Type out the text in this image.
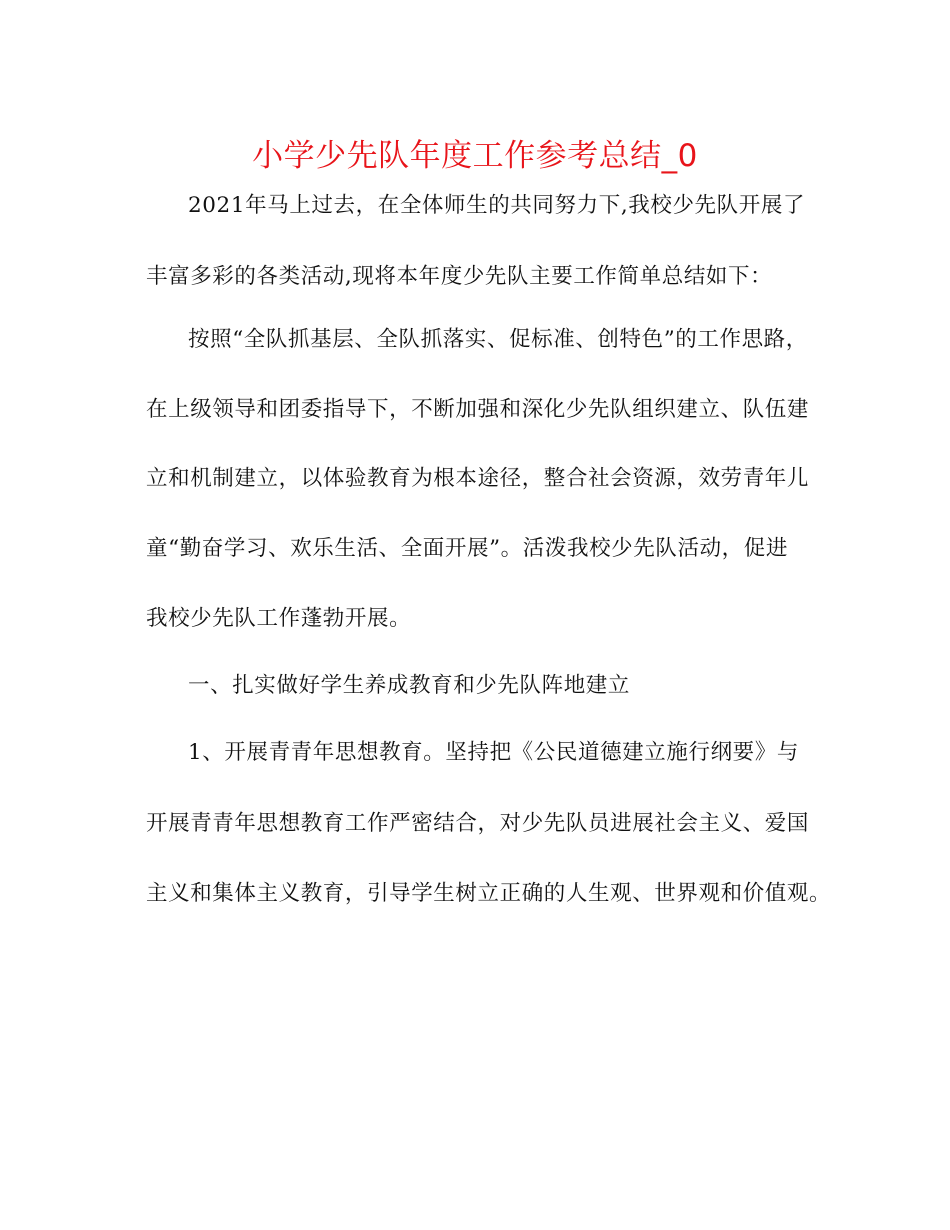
小学少先队年度工作参考总结_0
2021年马上过去，在全体师生的共同努力下,我校少先队开展了
丰富多彩的各类活动,现将本年度少先队主要工作简单总结如下：
按照“全队抓基层、全队抓落实、促标准、创特色”的工作思路，
在上级领导和团委指导下，不断加强和深化少先队组织建立、队伍建
立和机制建立，以体验教育为根本途径，整合社会资源，效劳青年儿
童“勤奋学习、欢乐生活、全面开展”。活泼我校少先队活动，促进
我校少先队工作蓬勃开展。
一、扎实做好学生养成教育和少先队阵地建立
1、开展青青年思想教育。坚持把《公民道德建立施行纲要》与
开展青青年思想教育工作严密结合，对少先队员进展社会主义、爱国
主义和集体主义教育，引导学生树立正确的人生观、世界观和价值观。
